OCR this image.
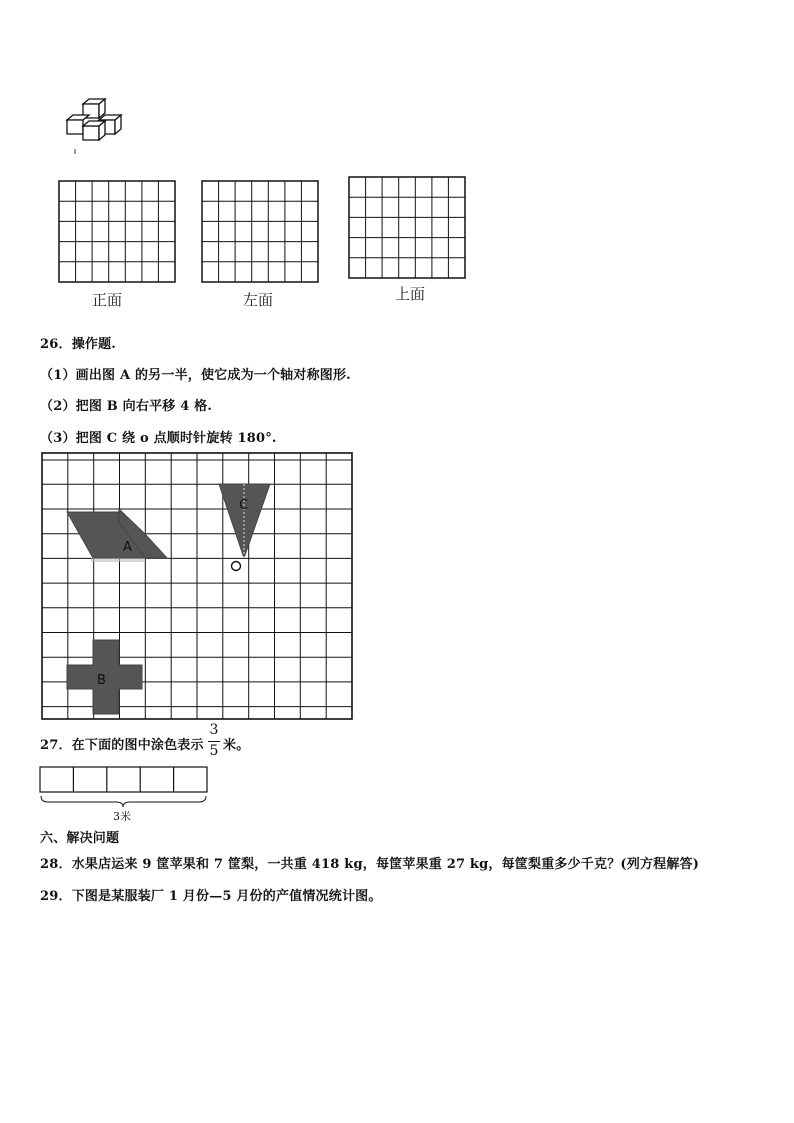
正面	左面	上面
26．操作题.
（1）画出图 A 的另一半，使它成为一个轴对称图形.
（2）把图 B 向右平移 4 格.
（3）把图 C 绕 o 点顺时针旋转 180°.
A
C
B
27．在下面的图中涂色表示
3
5 米。
3米
六、解决问题
28．水果店运来 9 筐苹果和 7 筐梨，一共重 418 kg，每筐苹果重 27 kg，每筐梨重多少千克？(列方程解答)
29．下图是某服装厂 1 月份—5 月份的产值情况统计图。
